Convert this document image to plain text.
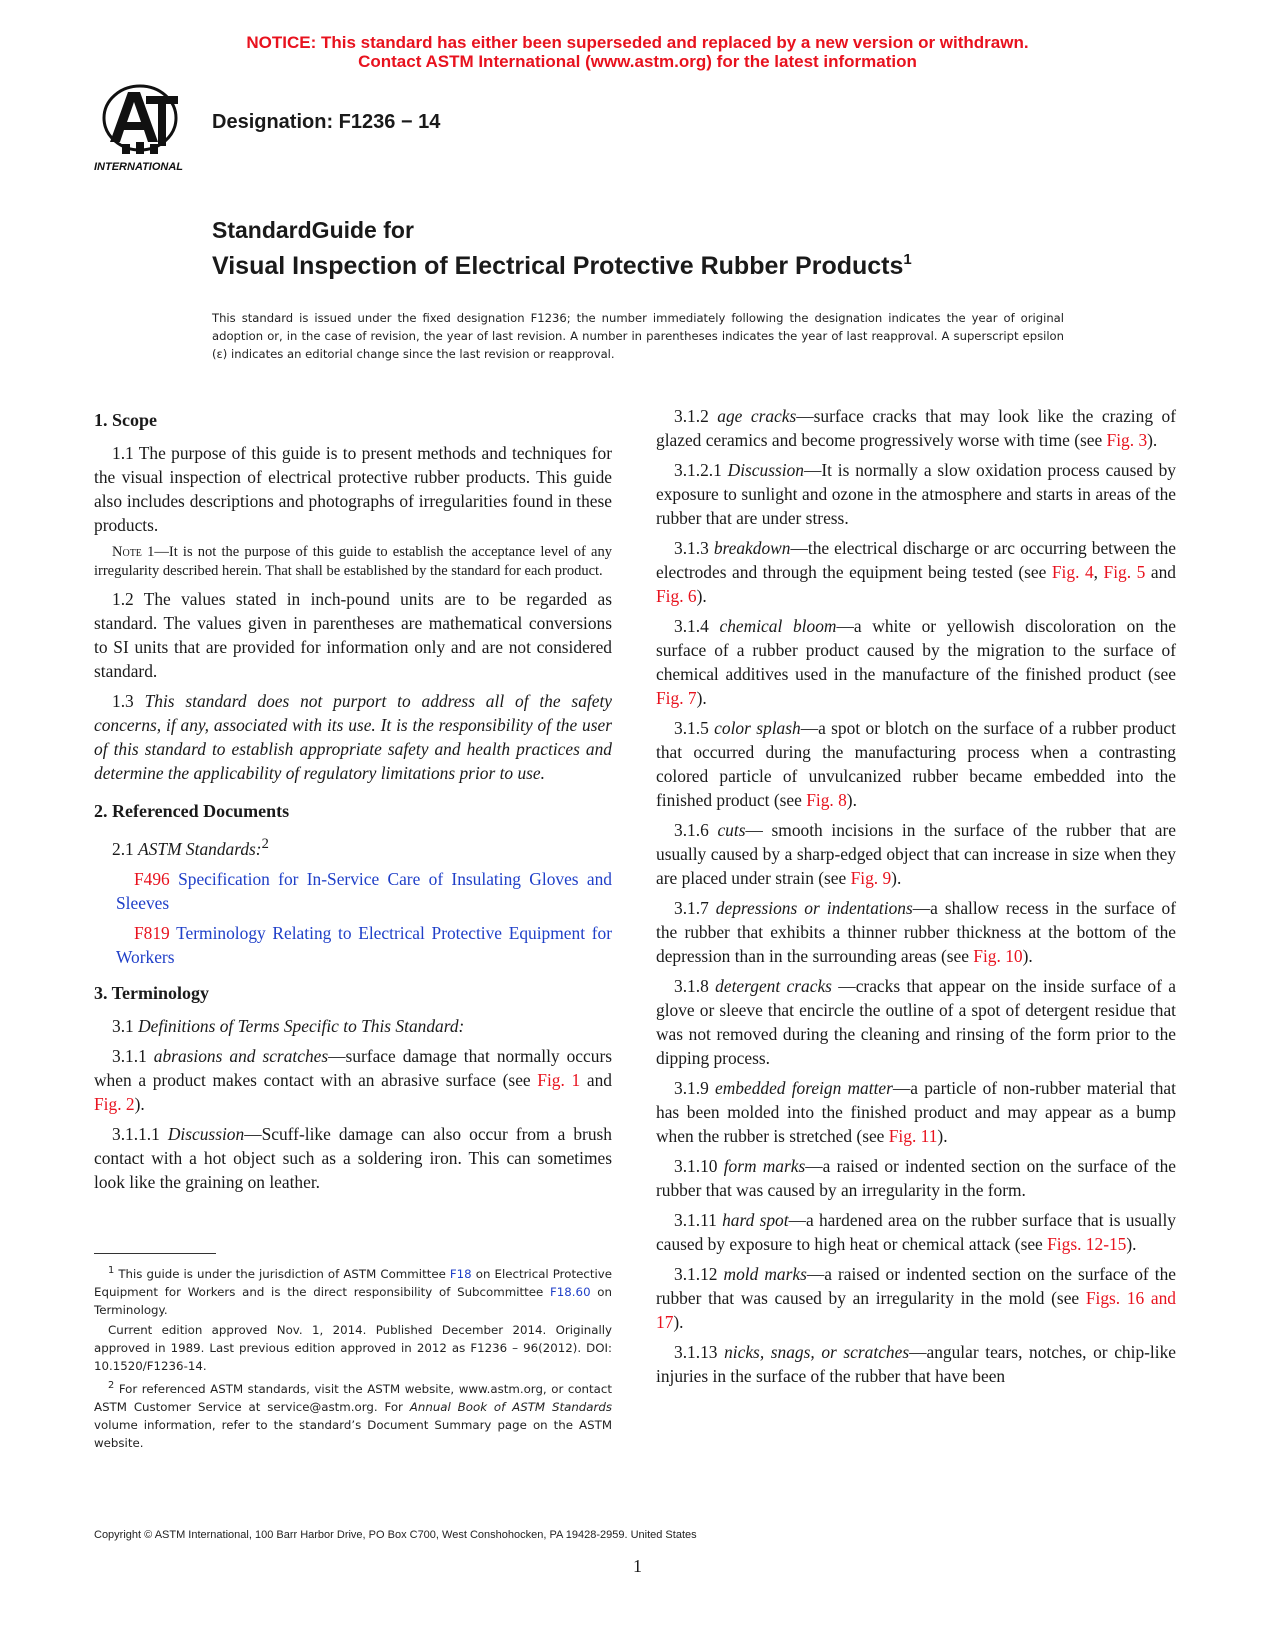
NOTICE: This standard has either been superseded and replaced by a new version or withdrawn.
Contact ASTM International (www.astm.org) for the latest information
INTERNATIONAL
Designation: F1236 − 14
StandardGuide for
Visual Inspection of Electrical Protective Rubber Products$^1$
This standard is issued under the fixed designation F1236; the number immediately following the designation indicates the year of original adoption or, in the case of revision, the year of last revision. A number in parentheses indicates the year of last reapproval. A superscript epsilon (ε) indicates an editorial change since the last revision or reapproval.
1. Scope

1.1 The purpose of this guide is to present methods and techniques for the visual inspection of electrical protective rubber products. This guide also includes descriptions and photographs of irregularities found in these products.

Note 1—It is not the purpose of this guide to establish the acceptance level of any irregularity described herein. That shall be established by the standard for each product.

1.2 The values stated in inch-pound units are to be regarded as standard. The values given in parentheses are mathematical conversions to SI units that are provided for information only and are not considered standard.

1.3 This standard does not purport to address all of the safety concerns, if any, associated with its use. It is the responsibility of the user of this standard to establish appropriate safety and health practices and determine the applicability of regulatory limitations prior to use.

2. Referenced Documents

2.1 ASTM Standards:$^2$

F496 Specification for In-Service Care of Insulating Gloves and Sleeves

F819 Terminology Relating to Electrical Protective Equipment for Workers

3. Terminology

3.1 Definitions of Terms Specific to This Standard:

3.1.1 abrasions and scratches—surface damage that normally occurs when a product makes contact with an abrasive surface (see Fig. 1 and Fig. 2).

3.1.1.1 Discussion—Scuff-like damage can also occur from a brush contact with a hot object such as a soldering iron. This can sometimes look like the graining on leather.

3.1.2 age cracks—surface cracks that may look like the crazing of glazed ceramics and become progressively worse with time (see Fig. 3).

3.1.2.1 Discussion—It is normally a slow oxidation process caused by exposure to sunlight and ozone in the atmosphere and starts in areas of the rubber that are under stress.

3.1.3 breakdown—the electrical discharge or arc occurring between the electrodes and through the equipment being tested (see Fig. 4, Fig. 5 and Fig. 6).

3.1.4 chemical bloom—a white or yellowish discoloration on the surface of a rubber product caused by the migration to the surface of chemical additives used in the manufacture of the finished product (see Fig. 7).

3.1.5 color splash—a spot or blotch on the surface of a rubber product that occurred during the manufacturing process when a contrasting colored particle of unvulcanized rubber became embedded into the finished product (see Fig. 8).

3.1.6 cuts— smooth incisions in the surface of the rubber that are usually caused by a sharp-edged object that can increase in size when they are placed under strain (see Fig. 9).

3.1.7 depressions or indentations—a shallow recess in the surface of the rubber that exhibits a thinner rubber thickness at the bottom of the depression than in the surrounding areas (see Fig. 10).

3.1.8 detergent cracks —cracks that appear on the inside surface of a glove or sleeve that encircle the outline of a spot of detergent residue that was not removed during the cleaning and rinsing of the form prior to the dipping process.

3.1.9 embedded foreign matter—a particle of non-rubber material that has been molded into the finished product and may appear as a bump when the rubber is stretched (see Fig. 11).

3.1.10 form marks—a raised or indented section on the surface of the rubber that was caused by an irregularity in the form.

3.1.11 hard spot—a hardened area on the rubber surface that is usually caused by exposure to high heat or chemical attack (see Figs. 12-15).

3.1.12 mold marks—a raised or indented section on the surface of the rubber that was caused by an irregularity in the mold (see Figs. 16 and 17).

3.1.13 nicks, snags, or scratches—angular tears, notches, or chip-like injuries in the surface of the rubber that have been

$^1$ This guide is under the jurisdiction of ASTM Committee F18 on Electrical Protective Equipment for Workers and is the direct responsibility of Subcommittee F18.60 on Terminology.

Current edition approved Nov. 1, 2014. Published December 2014. Originally approved in 1989. Last previous edition approved in 2012 as F1236 – 96(2012). DOI: 10.1520/F1236-14.

$^2$ For referenced ASTM standards, visit the ASTM website, www.astm.org, or contact ASTM Customer Service at service@astm.org. For Annual Book of ASTM Standards volume information, refer to the standard’s Document Summary page on the ASTM website.

Copyright © ASTM International, 100 Barr Harbor Drive, PO Box C700, West Conshohocken, PA 19428-2959. United States
1
